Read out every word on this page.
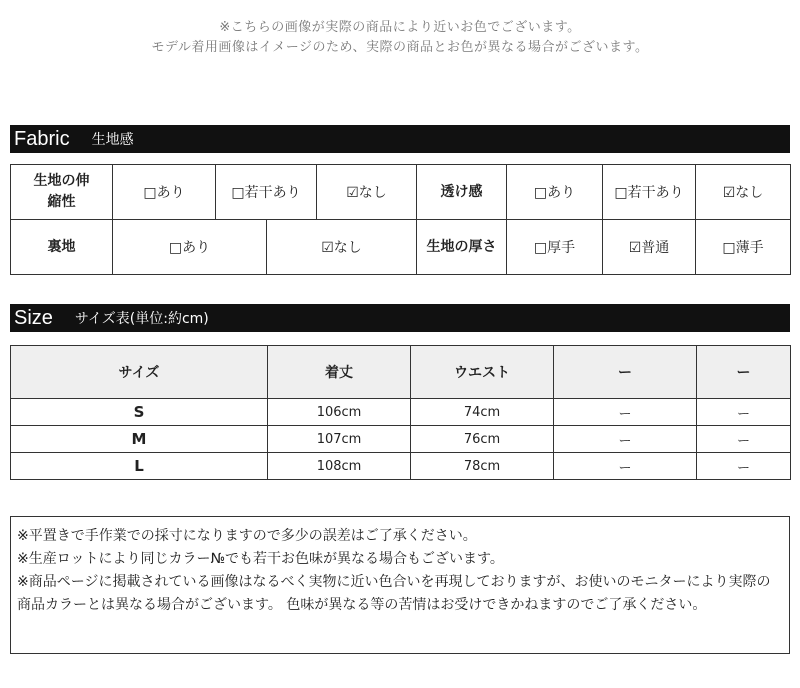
※こちらの画像が実際の商品により近いお色でございます。
モデル着用画像はイメージのため、実際の商品とお色が異なる場合がございます。
Fabric 生地感
生地の伸縮性	□あり	□若干あり		☑なし	透け感	□あり	□若干あり	☑なし
裏地	□あり		☑なし		生地の厚さ	□厚手	☑普通	□薄手
Size サイズ表(単位:約cm)
サイズ	着丈	ウエスト	ー	ー
S	106cm	74cm	ー	ー
M	107cm	76cm	ー	ー
L	108cm	78cm	ー	ー

※平置きで手作業での採寸になりますので多少の誤差はご了承ください。

※生産ロットにより同じカラー№でも若干お色味が異なる場合もございます。

※商品ページに掲載されている画像はなるべく実物に近い色合いを再現しておりますが、お使いのモニターにより実際の商品カラーとは異なる場合がございます。 色味が異なる等の苦情はお受けできかねますのでご了承ください。
